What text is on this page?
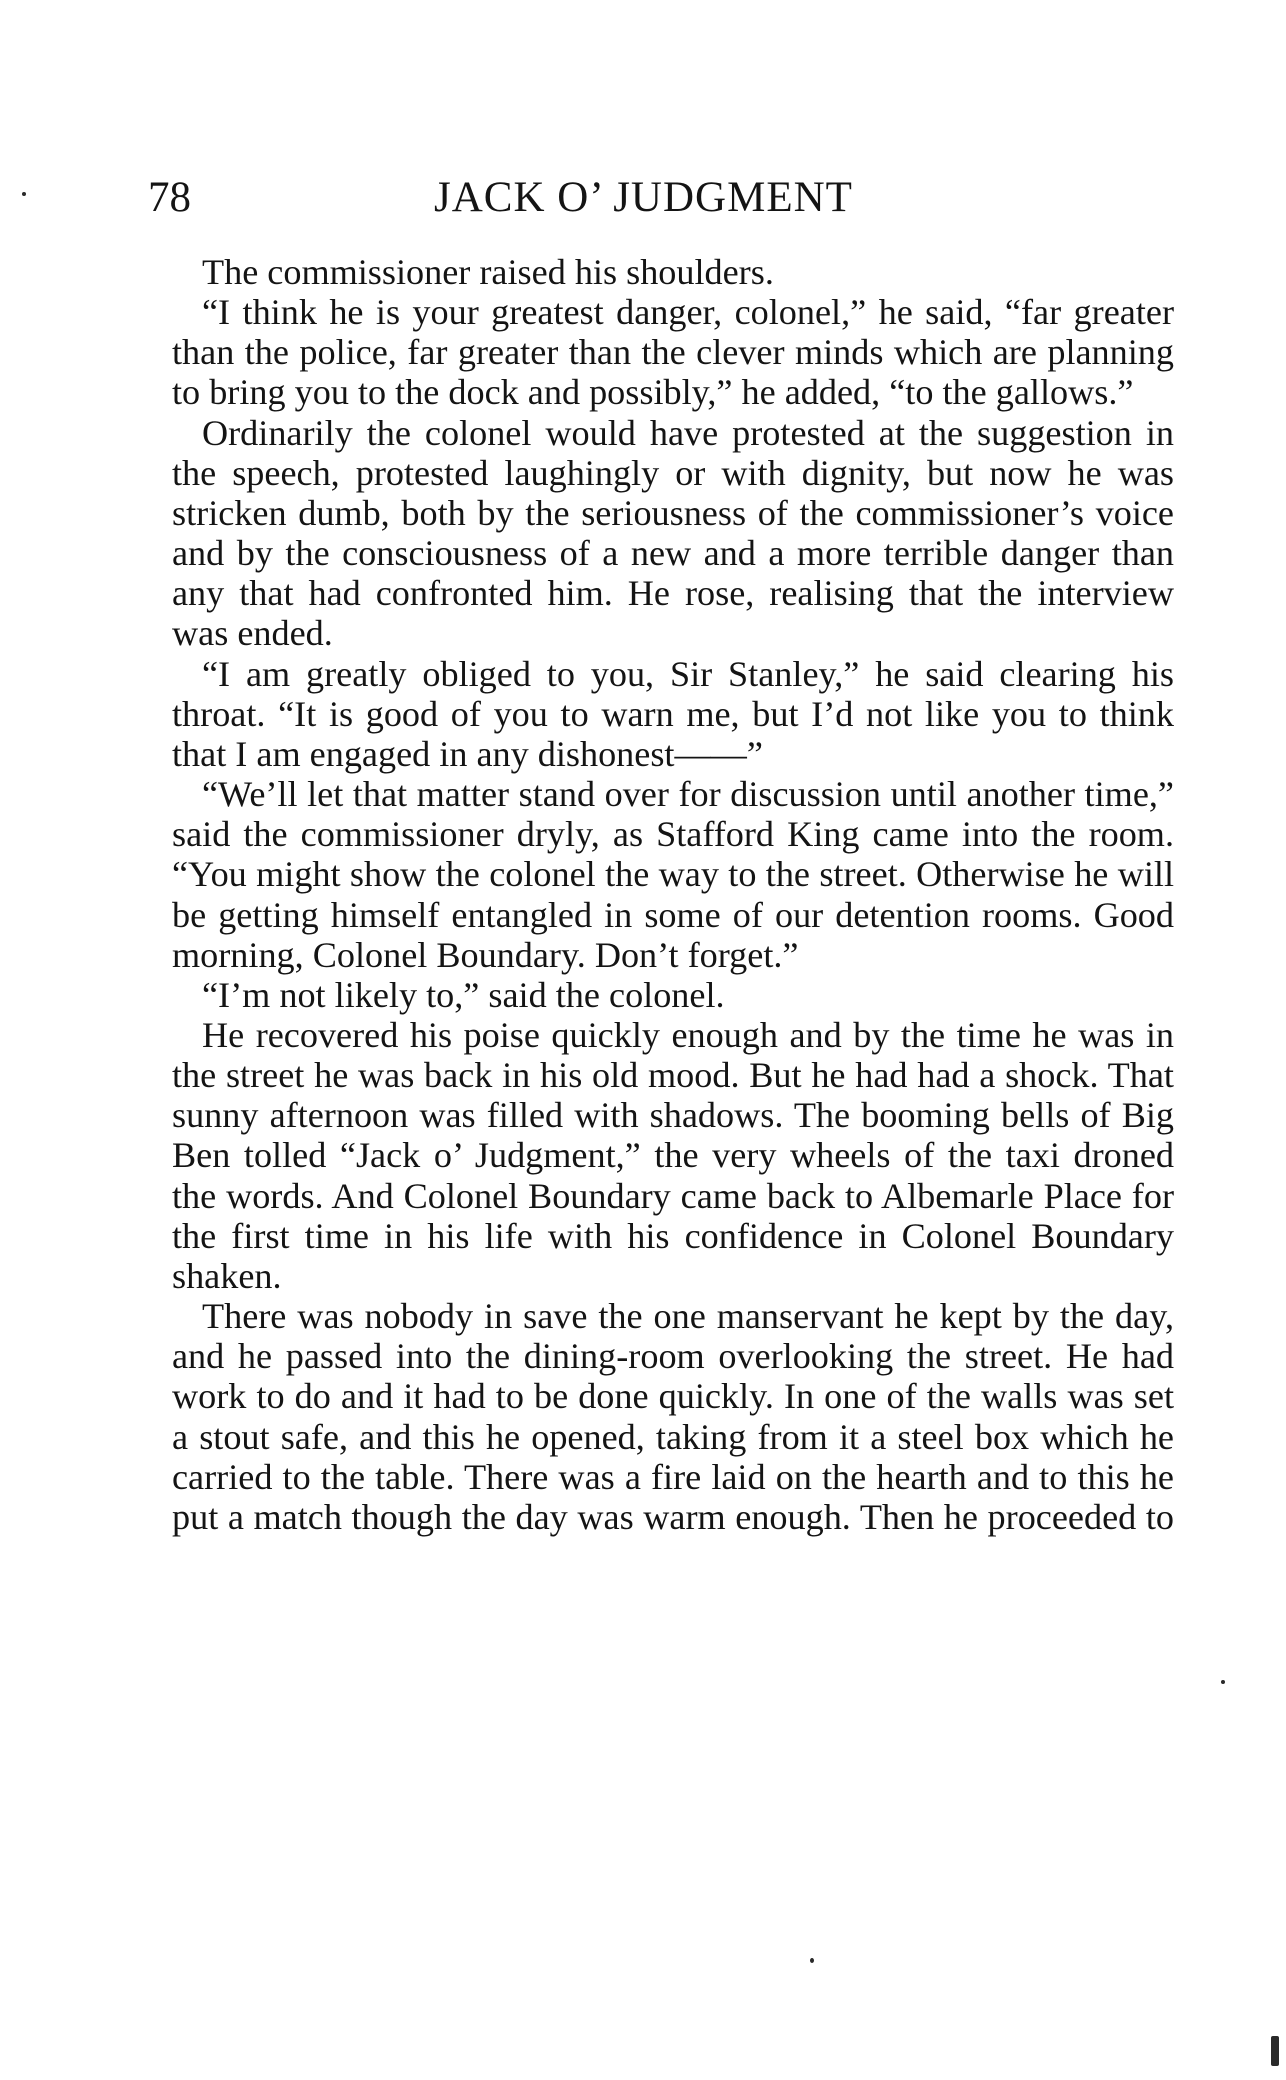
78	JACK O’ JUDGMENT

The commissioner raised his shoulders.

“I think he is your greatest danger, colonel,” he said, “far greater than the police, far greater than the clever minds which are planning to bring you to the dock and possibly,” he added, “to the gallows.”

Ordinarily the colonel would have protested at the suggestion in the speech, protested laughingly or with dignity, but now he was stricken dumb, both by the seriousness of the commissioner’s voice and by the consciousness of a new and a more terrible danger than any that had confronted him. He rose, realising that the interview was ended.

“I am greatly obliged to you, Sir Stanley,” he said clearing his throat. “It is good of you to warn me, but I’d not like you to think that I am engaged in any dishonest——”

“We’ll let that matter stand over for discussion until another time,” said the commissioner dryly, as Stafford King came into the room. “You might show the colonel the way to the street. Otherwise he will be getting himself entangled in some of our detention rooms. Good morning, Colonel Boundary. Don’t forget.”

“I’m not likely to,” said the colonel.

He recovered his poise quickly enough and by the time he was in the street he was back in his old mood. But he had had a shock. That sunny afternoon was filled with shadows. The booming bells of Big Ben tolled “Jack o’ Judgment,” the very wheels of the taxi droned the words. And Colonel Boundary came back to Albemarle Place for the first time in his life with his confidence in Colonel Boundary shaken.

There was nobody in save the one manservant he kept by the day, and he passed into the dining-room overlooking the street. He had work to do and it had to be done quickly. In one of the walls was set a stout safe, and this he opened, taking from it a steel box which he carried to the table. There was a fire laid on the hearth and to this he put a match though the day was warm enough. Then he proceeded to
